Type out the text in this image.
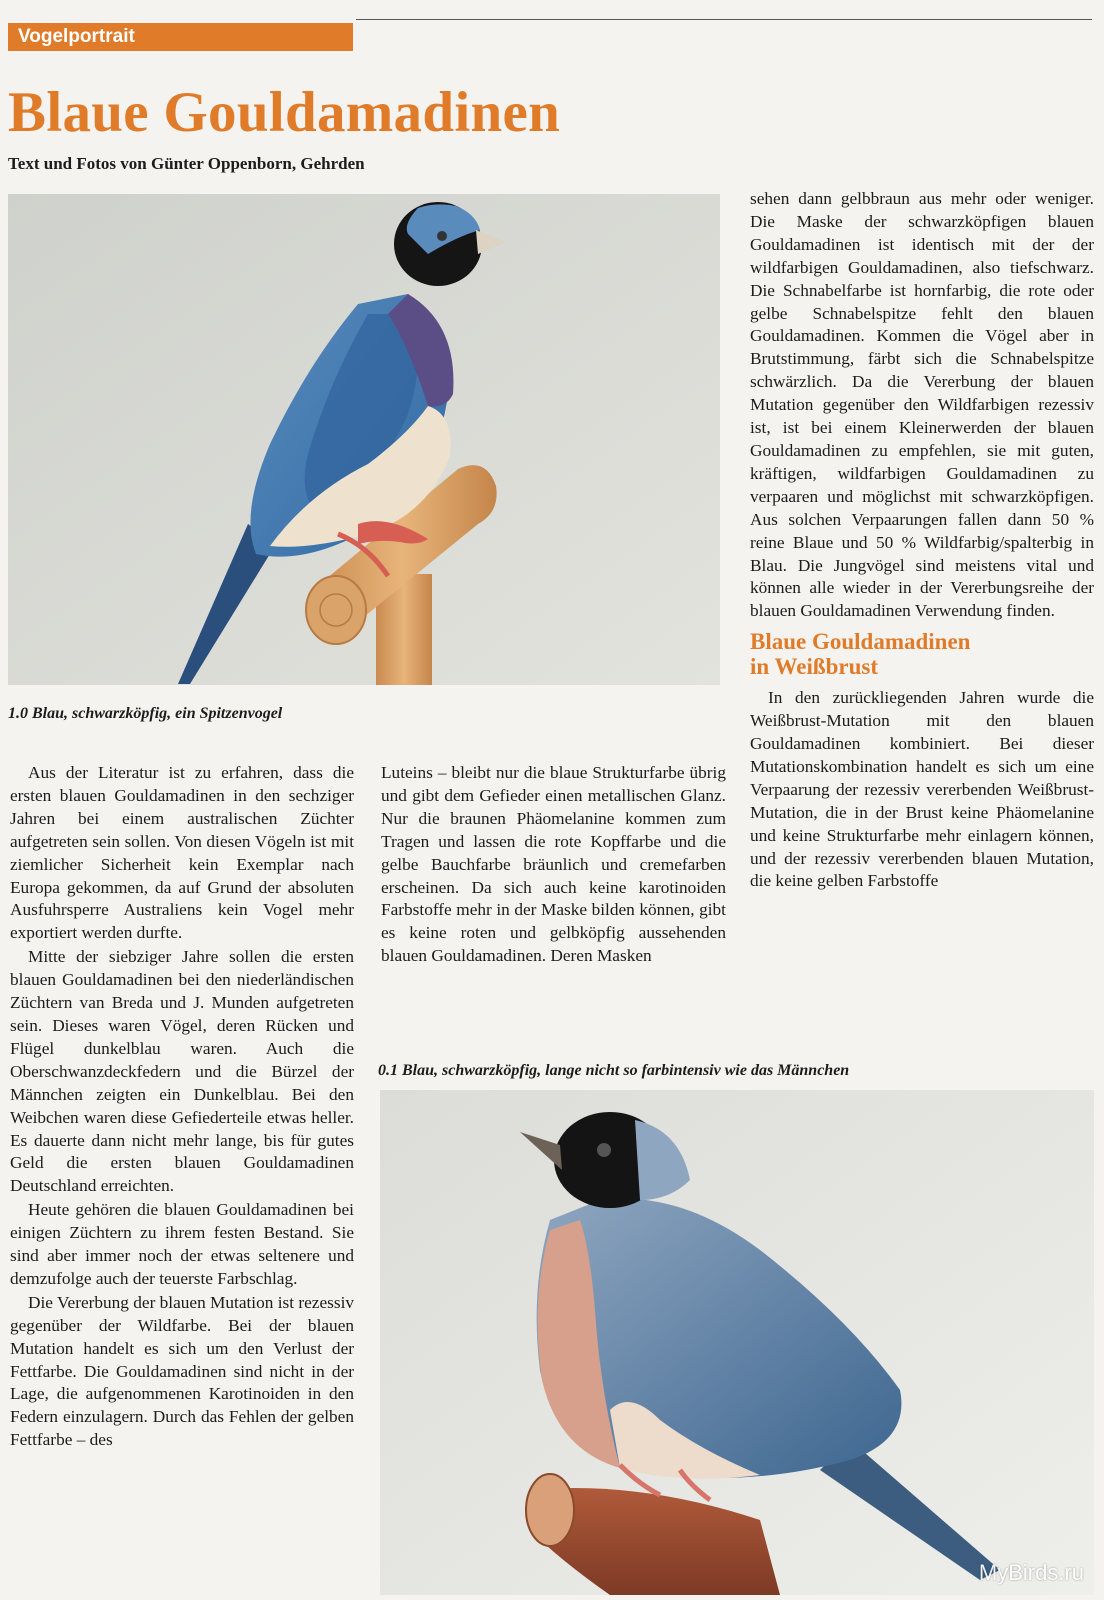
Vogelportrait
Blaue Gouldamadinen

Text und Fotos von Günter Oppenborn, Gehrden

1.0 Blau, schwarzköpfig, ein Spitzenvogel

Aus der Literatur ist zu erfahren, dass die ersten blauen Gouldamadinen in den sechziger Jahren bei einem australischen Züchter aufgetreten sein sollen. Von diesen Vögeln ist mit ziemlicher Sicherheit kein Exemplar nach Europa gekommen, da auf Grund der absoluten Ausfuhrsperre Australiens kein Vogel mehr exportiert werden durfte.

Mitte der siebziger Jahre sollen die ersten blauen Gouldamadinen bei den niederländischen Züchtern van Breda und J. Munden aufgetreten sein. Dieses waren Vögel, deren Rücken und Flügel dunkelblau waren. Auch die Oberschwanzdeckfedern und die Bürzel der Männchen zeigten ein Dunkelblau. Bei den Weibchen waren diese Gefiederteile etwas heller. Es dauerte dann nicht mehr lange, bis für gutes Geld die ersten blauen Gouldamadinen Deutschland erreichten.

Heute gehören die blauen Gouldamadinen bei einigen Züchtern zu ihrem festen Bestand. Sie sind aber immer noch der etwas seltenere und demzufolge auch der teuerste Farbschlag.

Die Vererbung der blauen Mutation ist rezessiv gegenüber der Wildfarbe. Bei der blauen Mutation handelt es sich um den Verlust der Fettfarbe. Die Gouldamadinen sind nicht in der Lage, die aufgenommenen Karotinoiden in den Federn einzulagern. Durch das Fehlen der gelben Fettfarbe – des

Luteins – bleibt nur die blaue Strukturfarbe übrig und gibt dem Gefieder einen metallischen Glanz. Nur die braunen Phäomelanine kommen zum Tragen und lassen die rote Kopffarbe und die gelbe Bauchfarbe bräunlich und cremefarben erscheinen. Da sich auch keine karotinoiden Farbstoffe mehr in der Maske bilden können, gibt es keine roten und gelbköpfig aussehenden blauen Gouldamadinen. Deren Masken

sehen dann gelbbraun aus mehr oder weniger. Die Maske der schwarzköpfigen blauen Gouldamadinen ist identisch mit der der wildfarbigen Gouldamadinen, also tiefschwarz. Die Schnabelfarbe ist hornfarbig, die rote oder gelbe Schnabelspitze fehlt den blauen Gouldamadinen. Kommen die Vögel aber in Brutstimmung, färbt sich die Schnabelspitze schwärzlich. Da die Vererbung der blauen Mutation gegenüber den Wildfarbigen rezessiv ist, ist bei einem Kleinerwerden der blauen Gouldamadinen zu empfehlen, sie mit guten, kräftigen, wildfarbigen Gouldamadinen zu verpaaren und möglichst mit schwarzköpfigen. Aus solchen Verpaarungen fallen dann 50 % reine Blaue und 50 % Wildfarbig/spalterbig in Blau. Die Jungvögel sind meistens vital und können alle wieder in der Vererbungsreihe der blauen Gouldamadinen Verwendung finden.

Blaue Gouldamadinen
in Weißbrust

In den zurückliegenden Jahren wurde die Weißbrust-Mutation mit den blauen Gouldamadinen kombiniert. Bei dieser Mutationskombination handelt es sich um eine Verpaarung der rezessiv vererbenden Weißbrust-Mutation, die in der Brust keine Phäomelanine und keine Strukturfarbe mehr einlagern können, und der rezessiv vererbenden blauen Mutation, die keine gelben Farbstoffe

0.1 Blau, schwarzköpfig, lange nicht so farbintensiv wie das Männchen

MyBirds.ru
